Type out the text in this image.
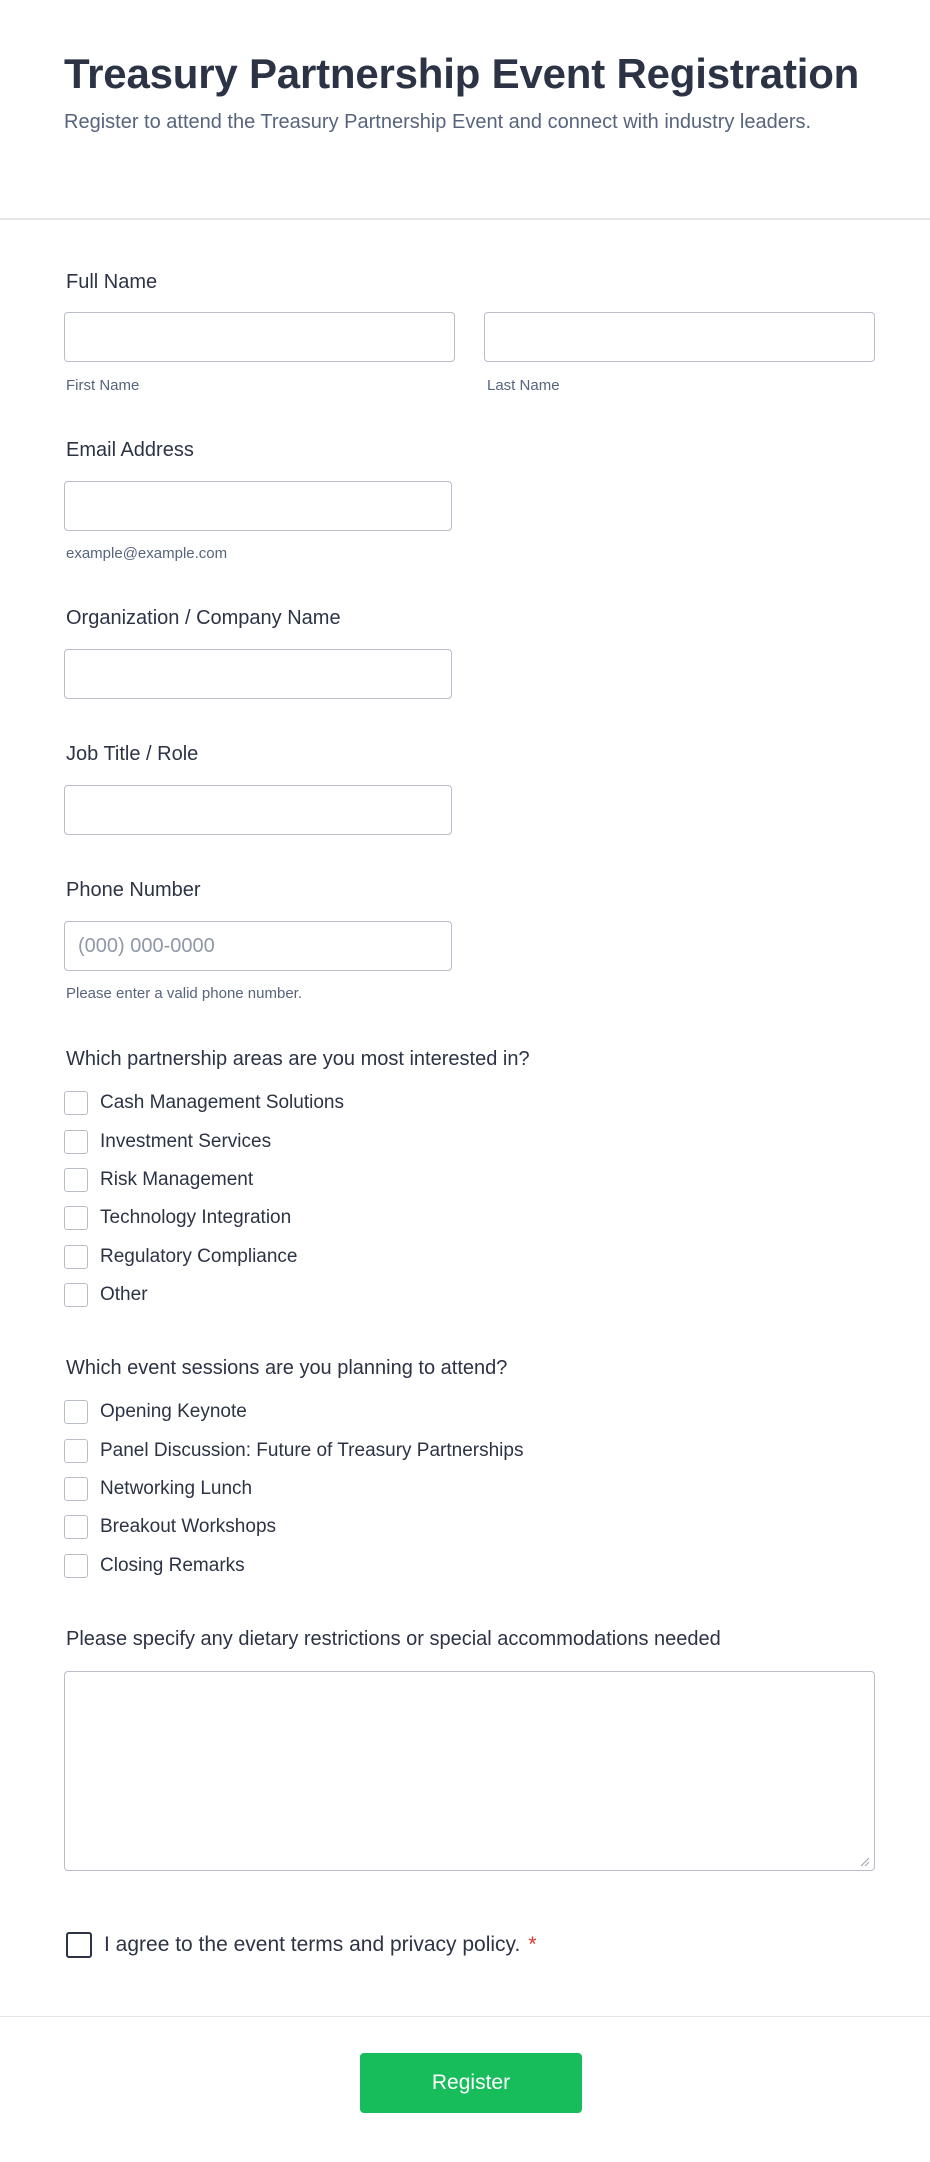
Treasury Partnership Event Registration

Register to attend the Treasury Partnership Event and connect with industry leaders.

Full Name
First Name	Last Name
Email Address
example@example.com
Organization / Company Name
Job Title / Role
Phone Number
(000) 000-0000
Please enter a valid phone number.
Which partnership areas are you most interested in?
Cash Management Solutions
Investment Services
Risk Management
Technology Integration
Regulatory Compliance
Other
Which event sessions are you planning to attend?
Opening Keynote
Panel Discussion: Future of Treasury Partnerships
Networking Lunch
Breakout Workshops
Closing Remarks
Please specify any dietary restrictions or special accommodations needed
I agree to the event terms and privacy policy. *
Register
